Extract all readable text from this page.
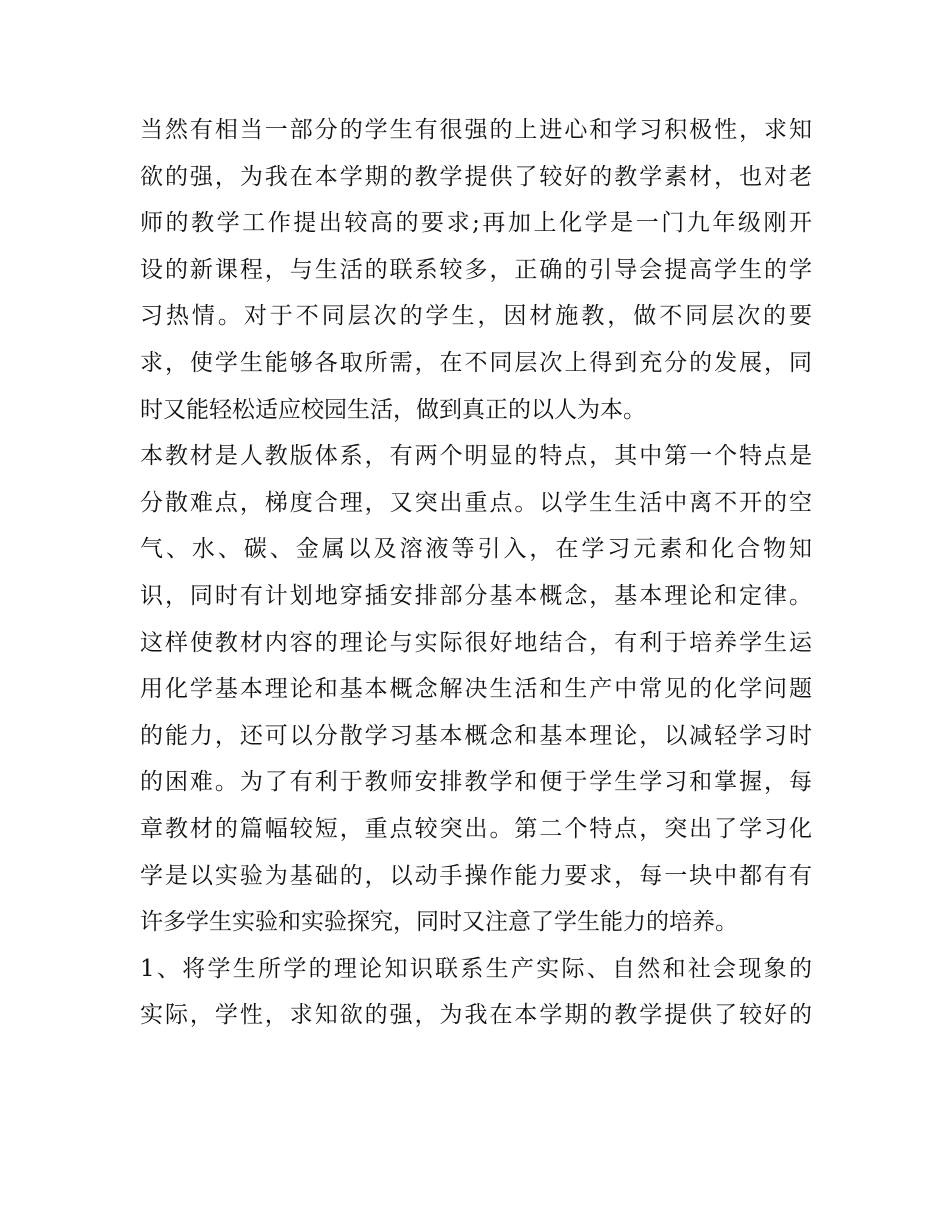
当然有相当一部分的学生有很强的上进心和学习积极性，求知
欲的强，为我在本学期的教学提供了较好的教学素材，也对老
师的教学工作提出较高的要求;再加上化学是一门九年级刚开
设的新课程，与生活的联系较多，正确的引导会提高学生的学
习热情。对于不同层次的学生，因材施教，做不同层次的要
求，使学生能够各取所需，在不同层次上得到充分的发展，同
时又能轻松适应校园生活，做到真正的以人为本。
本教材是人教版体系，有两个明显的特点，其中第一个特点是
分散难点，梯度合理，又突出重点。以学生生活中离不开的空
气、水、碳、金属以及溶液等引入，在学习元素和化合物知
识，同时有计划地穿插安排部分基本概念，基本理论和定律。
这样使教材内容的理论与实际很好地结合，有利于培养学生运
用化学基本理论和基本概念解决生活和生产中常见的化学问题
的能力，还可以分散学习基本概念和基本理论，以减轻学习时
的困难。为了有利于教师安排教学和便于学生学习和掌握，每
章教材的篇幅较短，重点较突出。第二个特点，突出了学习化
学是以实验为基础的，以动手操作能力要求，每一块中都有有
许多学生实验和实验探究，同时又注意了学生能力的培养。
1、将学生所学的理论知识联系生产实际、自然和社会现象的
实际，学性，求知欲的强，为我在本学期的教学提供了较好的
